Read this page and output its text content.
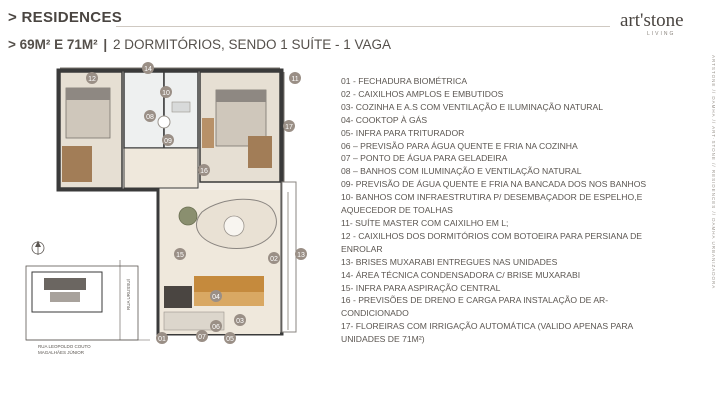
> RESIDENCES	art'stone
LIVING
> 69M² E 71M² | 2 DORMITÓRIOS, SENDO 1 SUÍTE - 1 VAGA
12
14
11
08
10
09
17
16
15
02
13
04
03
06
07	05
01
RUA URUSSUÍ
RUA LEOPOLDO COUTO
MAGALHÃES JÚNIOR
01 - FECHADURA BIOMÉTRICA
02 - CAIXILHOS AMPLOS E EMBUTIDOS
03- COZINHA E A.S COM VENTILAÇÃO E ILUMINAÇÃO NATURAL
04- COOKTOP À GÁS
05- INFRA PARA TRITURADOR
06 – PREVISÃO PARA ÁGUA QUENTE E FRIA NA COZINHA
07 – PONTO DE ÁGUA PARA GELADEIRA
08 – BANHOS COM ILUMINAÇÃO E VENTILAÇÃO NATURAL
09- PREVISÃO DE ÁGUA QUENTE E FRIA NA BANCADA DOS NOS BANHOS
10- BANHOS COM INFRAESTRUTIRA P/ DESEMBAÇADOR DE ESPELHO,E AQUECEDOR DE TOALHAS
11- SUÍTE MASTER COM CAIXILHO EM L;
12 - CAIXILHOS DOS DORMITÓRIOS COM BOTOEIRA PARA PERSIANA DE ENROLAR
13- BRISES MUXARABI ENTREGUES NAS UNIDADES
14- ÁREA TÉCNICA CONDENSADORA C/ BRISE MUXARABI
15- INFRA PARA ASPIRAÇÃO CENTRAL
16 - PREVISÕES DE DRENO E CARGA PARA INSTALAÇÃO DE AR-CONDICIONADO
17- FLOREIRAS COM IRRIGAÇÃO AUTOMÁTICA (VALIDO APENAS PARA UNIDADES DE 71M²)
ARTSTONE // DAMHA // ART·STONE // RESIDENCES // DAMHA URBANIZADORA
